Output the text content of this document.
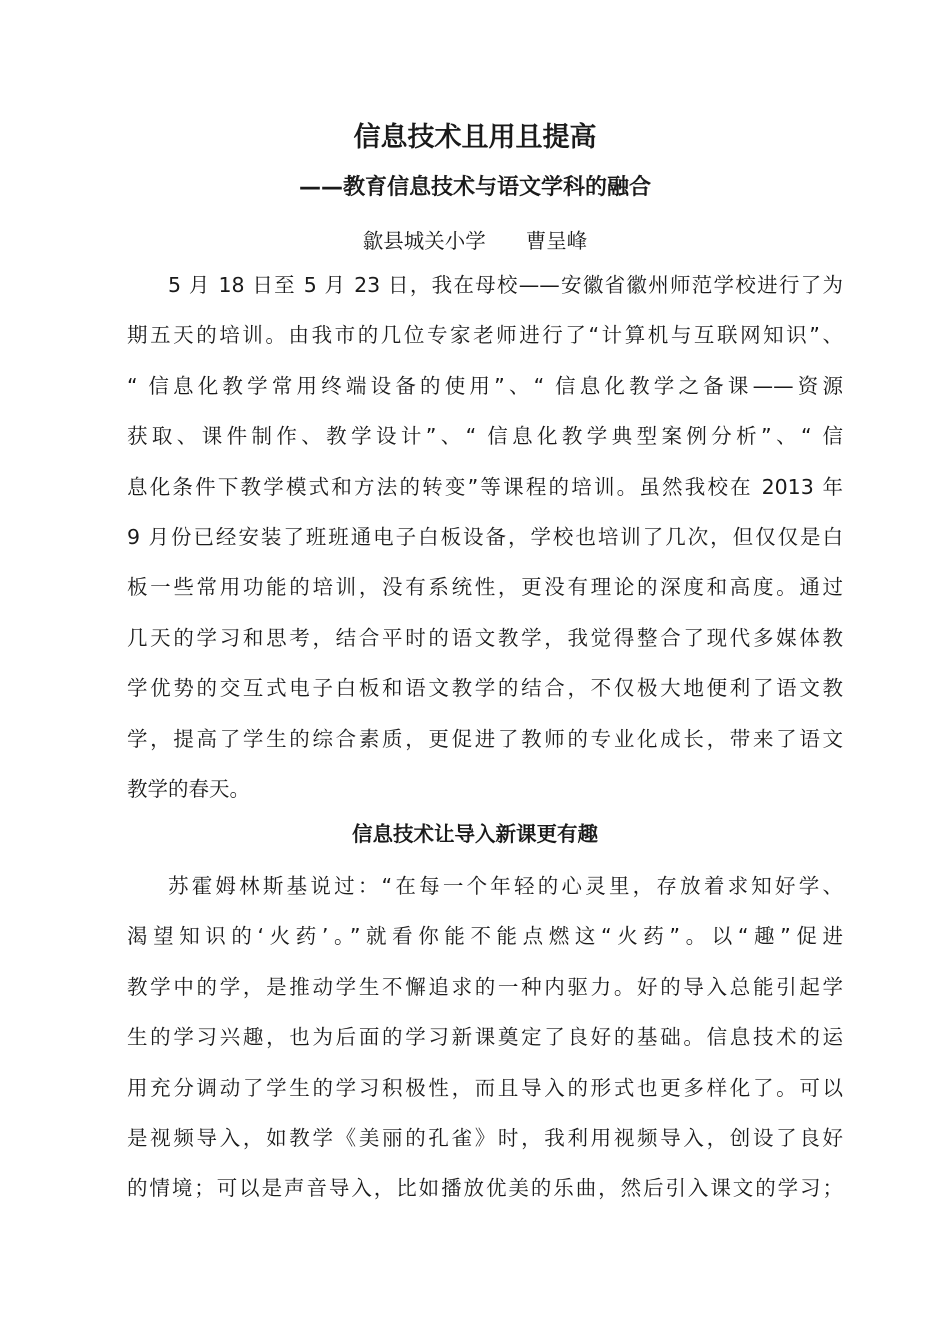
信息技术且用且提高
——教育信息技术与语文学科的融合
歙县城关小学 曹呈峰
5 月 18 日至 5 月 23 日，我在母校——安徽省徽州师范学校进行了为
期五天的培训。由我市的几位专家老师进行了“计算机与互联网知识”、
“ 信息化教学常用终端设备的使用”、“ 信息化教学之备课——资源
获取、课件制作、教学设计”、“ 信息化教学典型案例分析”、“ 信
息化条件下教学模式和方法的转变”等课程的培训。虽然我校在 2013 年
9 月份已经安装了班班通电子白板设备，学校也培训了几次，但仅仅是白
板一些常用功能的培训，没有系统性，更没有理论的深度和高度。通过
几天的学习和思考，结合平时的语文教学，我觉得整合了现代多媒体教
学优势的交互式电子白板和语文教学的结合，不仅极大地便利了语文教
学，提高了学生的综合素质，更促进了教师的专业化成长，带来了语文
教学的春天。
信息技术让导入新课更有趣
苏霍姆林斯基说过：“在每一个年轻的心灵里，存放着求知好学、
渴望知识的‘火药’。”就看你能不能点燃这“火药”。以“趣”促进
教学中的学，是推动学生不懈追求的一种内驱力。好的导入总能引起学
生的学习兴趣，也为后面的学习新课奠定了良好的基础。信息技术的运
用充分调动了学生的学习积极性，而且导入的形式也更多样化了。可以
是视频导入，如教学《美丽的孔雀》时，我利用视频导入，创设了良好
的情境；可以是声音导入，比如播放优美的乐曲，然后引入课文的学习；
